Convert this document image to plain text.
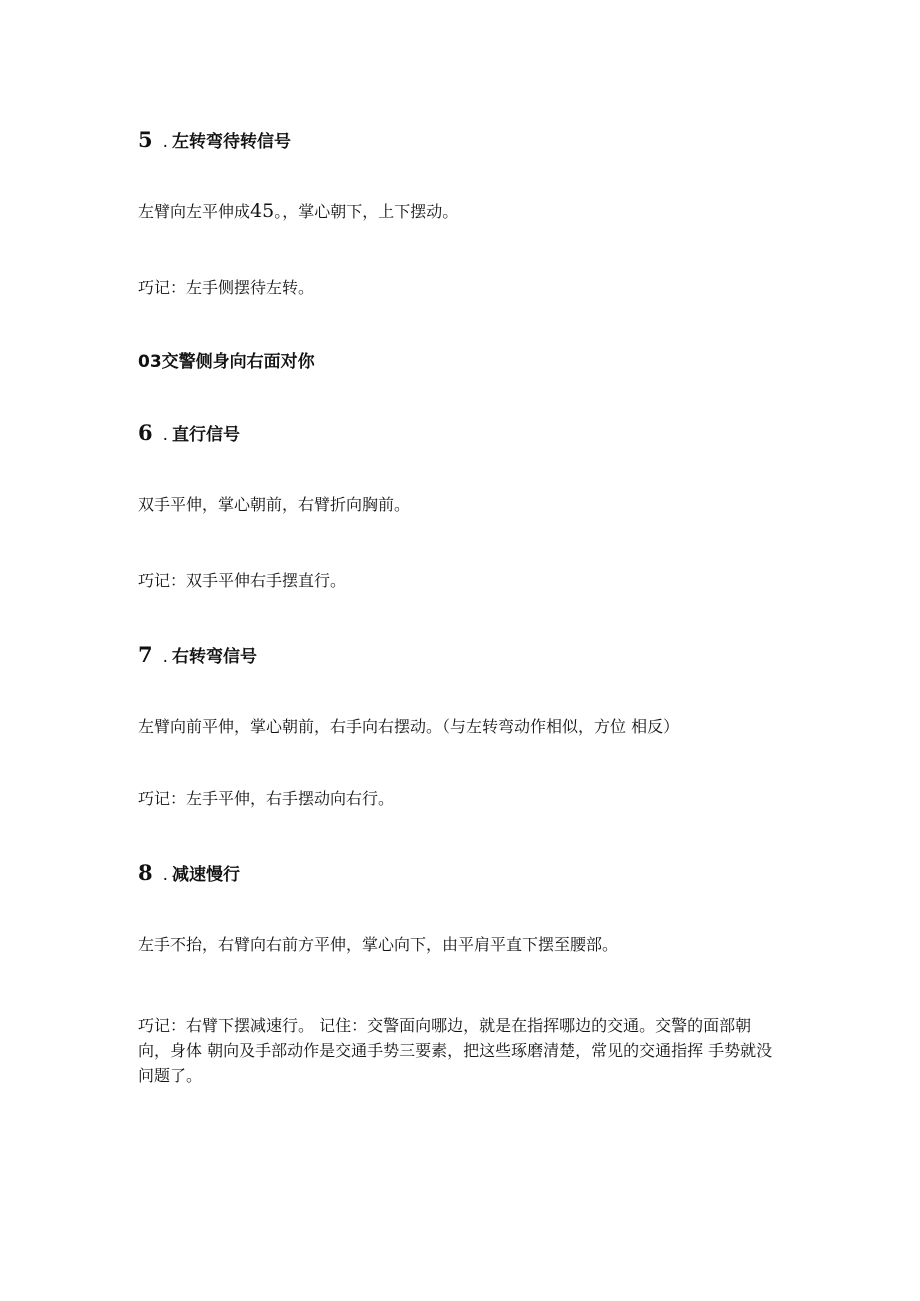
5 . 左转弯待转信号
左臂向左平伸成45。，掌心朝下，上下摆动。
巧记：左手侧摆待左转。
03交警侧身向右面对你
6 . 直行信号
双手平伸，掌心朝前，右臂折向胸前。
巧记：双手平伸右手摆直行。
7 . 右转弯信号
左臂向前平伸，掌心朝前，右手向右摆动。（与左转弯动作相似，方位 相反）
巧记：左手平伸，右手摆动向右行。
8 . 减速慢行
左手不抬，右臂向右前方平伸，掌心向下，由平肩平直下摆至腰部。
巧记：右臂下摆减速行。 记住：交警面向哪边，就是在指挥哪边的交通。交警的面部朝向，身体 朝向及手部动作是交通手势三要素，把这些琢磨清楚，常见的交通指挥 手势就没问题了。
